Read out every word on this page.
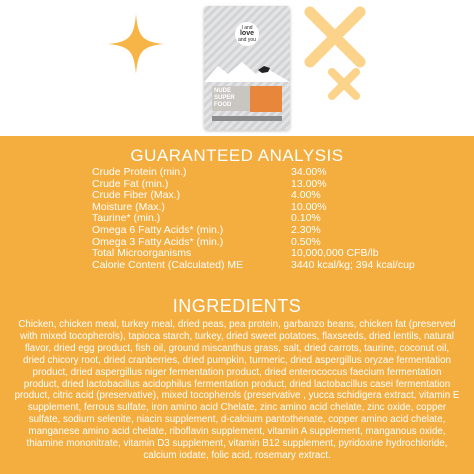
I and
love
and you
NUDE SUPER FOOD
GUARANTEED ANALYSIS
Crude Protein (min.)	34.00%
Crude Fat (min.)	13.00%
Crude Fiber (Max.)	4.00%
Moisture (Max.)	10.00%
Taurine* (min.)	0.10%
Omega 6 Fatty Acids* (min.)	2.30%
Omega 3 Fatty Acids* (min.)	0.50%
Total Microorganisms	10,000,000 CFB/lb
Calorie Content (Calculated) ME	3440 kcal/kg; 394 kcal/cup
INGREDIENTS
Chicken, chicken meal, turkey meal, dried peas, pea protein, garbanzo beans, chicken fat (preserved with mixed tocopherols), tapioca starch, turkey, dried sweet potatoes, flaxseeds, dried lentils, natural flavor, dried egg product, fish oil, ground miscanthus grass, salt, dried carrots, taurine, coconut oil, dried chicory root, dried cranberries, dried pumpkin, turmeric, dried aspergillus oryzae fermentation product, dried aspergillus niger fermentation product, dried enterococcus faecium fermentation product, dried lactobacillus acidophilus fermentation product, dried lactobacillus casei fermentation product, citric acid (preservative), mixed tocopherols (preservative , yucca schidigera extract, vitamin E supplement, ferrous sulfate, iron amino acid Chelate, zinc amino acid chelate, zinc oxide, copper sulfate, sodium selenite, niacin supplement, d-calcium pantothenate, copper amino acid chelate, manganese amino acid chelate, riboflavin supplement, vitamin A supplement, manganous oxide, thiamine mononitrate, vitamin D3 supplement, vitamin B12 supplement, pyridoxine hydrochloride, calcium iodate, folic acid, rosemary extract.
